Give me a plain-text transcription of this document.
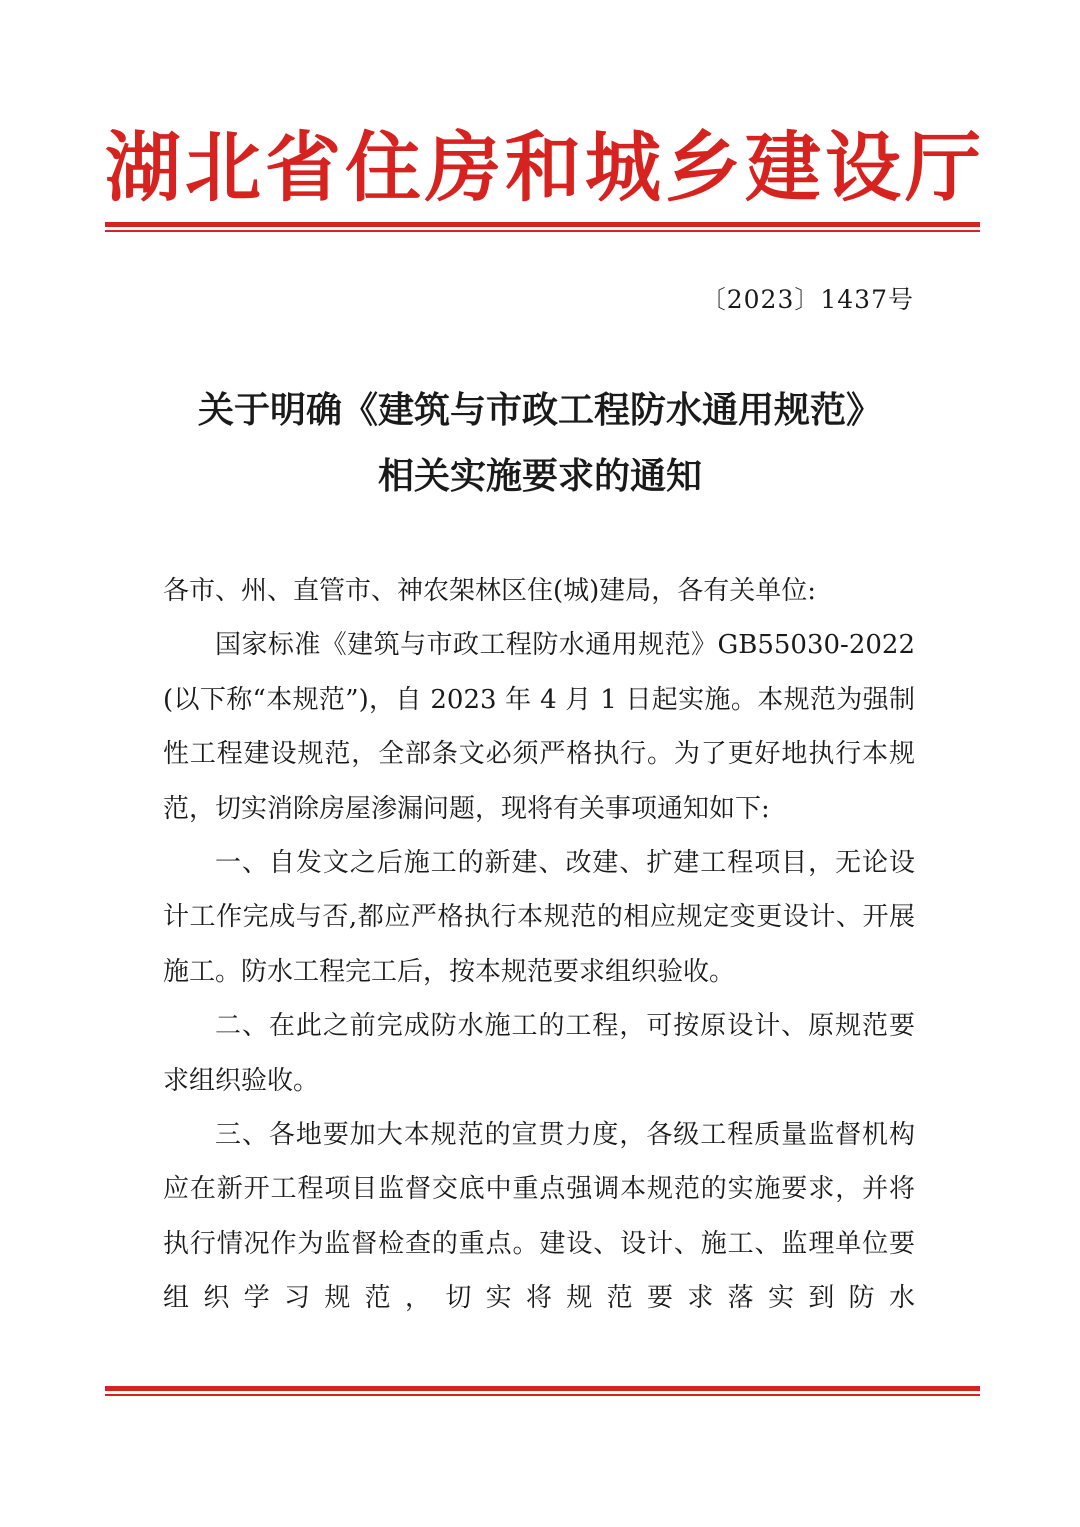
湖北省住房和城乡建设厅
〔2023〕1437号
关于明确《建筑与市政工程防水通用规范》
相关实施要求的通知

各市、州、直管市、神农架林区住(城)建局，各有关单位:

国家标准《建筑与市政工程防水通用规范》GB55030-2022(以下称“本规范”)，自 2023 年 4 月 1 日起实施。本规范为强制性工程建设规范，全部条文必须严格执行。为了更好地执行本规范，切实消除房屋渗漏问题，现将有关事项通知如下:

一、自发文之后施工的新建、改建、扩建工程项目，无论设计工作完成与否,都应严格执行本规范的相应规定变更设计、开展施工。防水工程完工后，按本规范要求组织验收。

二、在此之前完成防水施工的工程，可按原设计、原规范要求组织验收。

三、各地要加大本规范的宣贯力度，各级工程质量监督机构应在新开工程项目监督交底中重点强调本规范的实施要求，并将执行情况作为监督检查的重点。建设、设计、施工、监理单位要组织学习规范，切实将规范要求落实到防水
